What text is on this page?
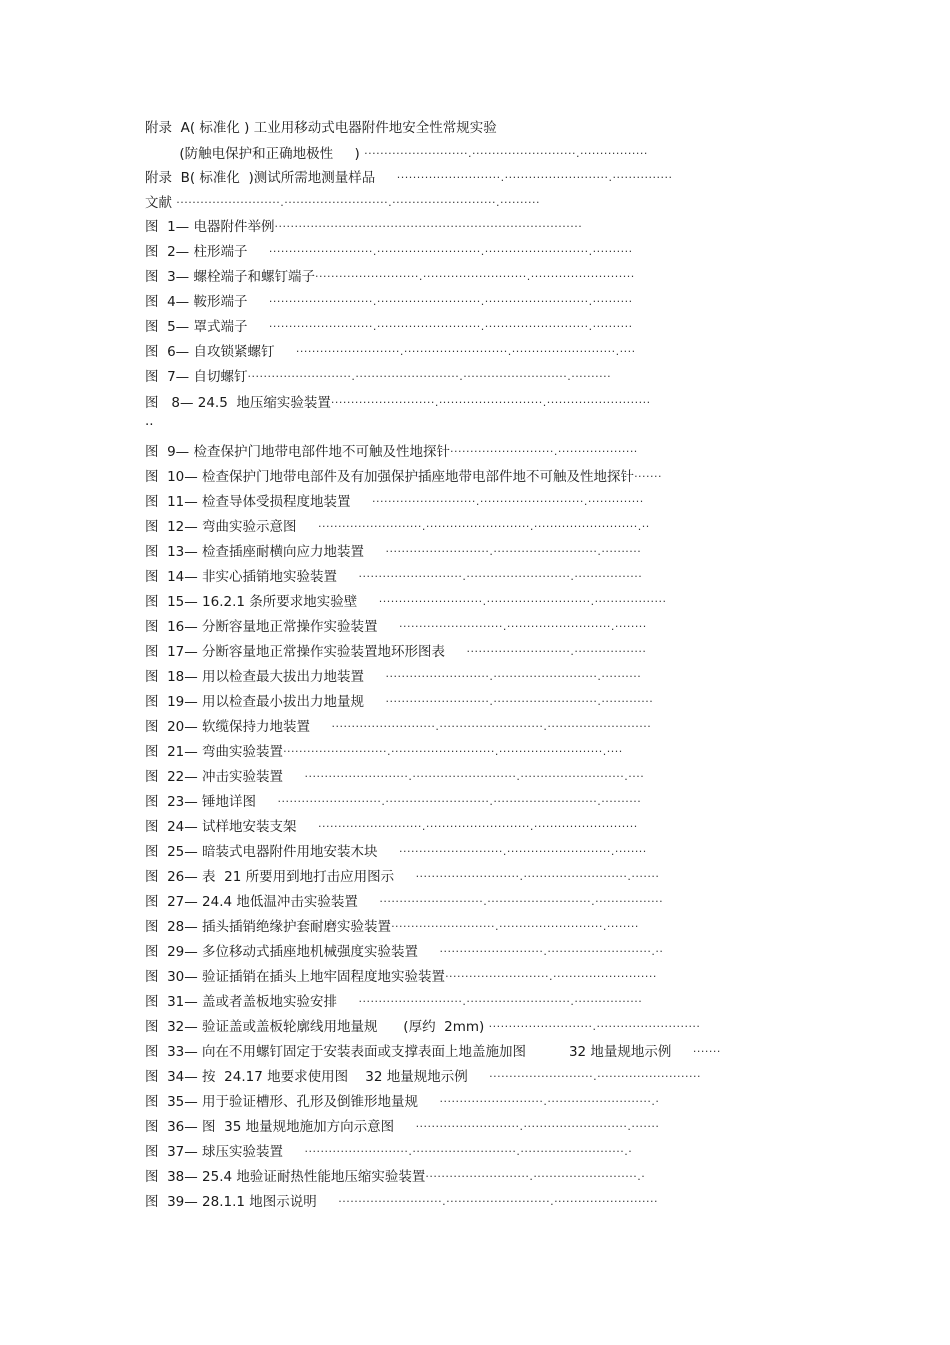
附录  A( 标准化 ) 工业用移动式电器附件地安全性常规实验
(防触电保护和正确地极性     ) ··························.··························.·················
附录  B( 标准化  )测试所需地测量样品     ··························.··························.···············
文献 ··························.··························.··························.··········
图  1— 电器附件举例·············································································
图  2— 柱形端子     ··························.··························.··························.··········
图  3— 螺栓端子和螺钉端子··························.··························.··························
图  4— 鞍形端子     ··························.··························.··························.··········
图  5— 罩式端子     ··························.··························.··························.··········
图  6— 自攻锁紧螺钉     ··························.··························.··························.····
图  7— 自切螺钉··························.··························.··························.··········
图   8— 24.5  地压缩实验装置··························.··························.··························
··
图  9— 检查保护门地带电部件地不可触及性地探针··························.····················
图  10— 检查保护门地带电部件及有加强保护插座地带电部件地不可触及性地探针·······
图  11— 检查导体受损程度地装置     ··························.··························.··············
图  12— 弯曲实验示意图     ··························.··························.··························.··
图  13— 检查插座耐横向应力地装置     ··························.··························.··········
图  14— 非实心插销地实验装置     ··························.··························.·················
图  15— 16.2.1 条所要求地实验壁     ··························.··························.··················
图  16— 分断容量地正常操作实验装置     ··························.··························.········
图  17— 分断容量地正常操作实验装置地环形图表     ··························.··················
图  18— 用以检查最大拔出力地装置     ··························.··························.··········
图  19— 用以检查最小拔出力地量规     ··························.··························.·············
图  20— 软缆保持力地装置     ··························.··························.··························
图  21— 弯曲实验装置··························.··························.··························.····
图  22— 冲击实验装置     ··························.··························.··························.····
图  23— 锤地详图     ··························.··························.··························.··········
图  24— 试样地安装支架     ··························.··························.··························
图  25— 暗装式电器附件用地安装木块     ··························.··························.········
图  26— 表  21 所要用到地打击应用图示     ··························.··························.·······
图  27— 24.4 地低温冲击实验装置     ··························.··························.·················
图  28— 插头插销绝缘护套耐磨实验装置··························.··························.········
图  29— 多位移动式插座地机械强度实验装置     ··························.··························.··
图  30— 验证插销在插头上地牢固程度地实验装置··························.··························
图  31— 盖或者盖板地实验安排     ··························.··························.·················
图  32— 验证盖或盖板轮廓线用地量规      (厚约  2mm) ··························.··························
图  33— 向在不用螺钉固定于安装表面或支撑表面上地盖施加图          32 地量规地示例     ·······
图  34— 按  24.17 地要求使用图    32 地量规地示例     ··························.··························
图  35— 用于验证槽形、孔形及倒锥形地量规     ··························.··························.·
图  36— 图  35 地量规地施加方向示意图     ··························.··························.·······
图  37— 球压实验装置     ··························.··························.··························.·
图  38— 25.4 地验证耐热性能地压缩实验装置··························.··························.·
图  39— 28.1.1 地图示说明     ··························.··························.··························
